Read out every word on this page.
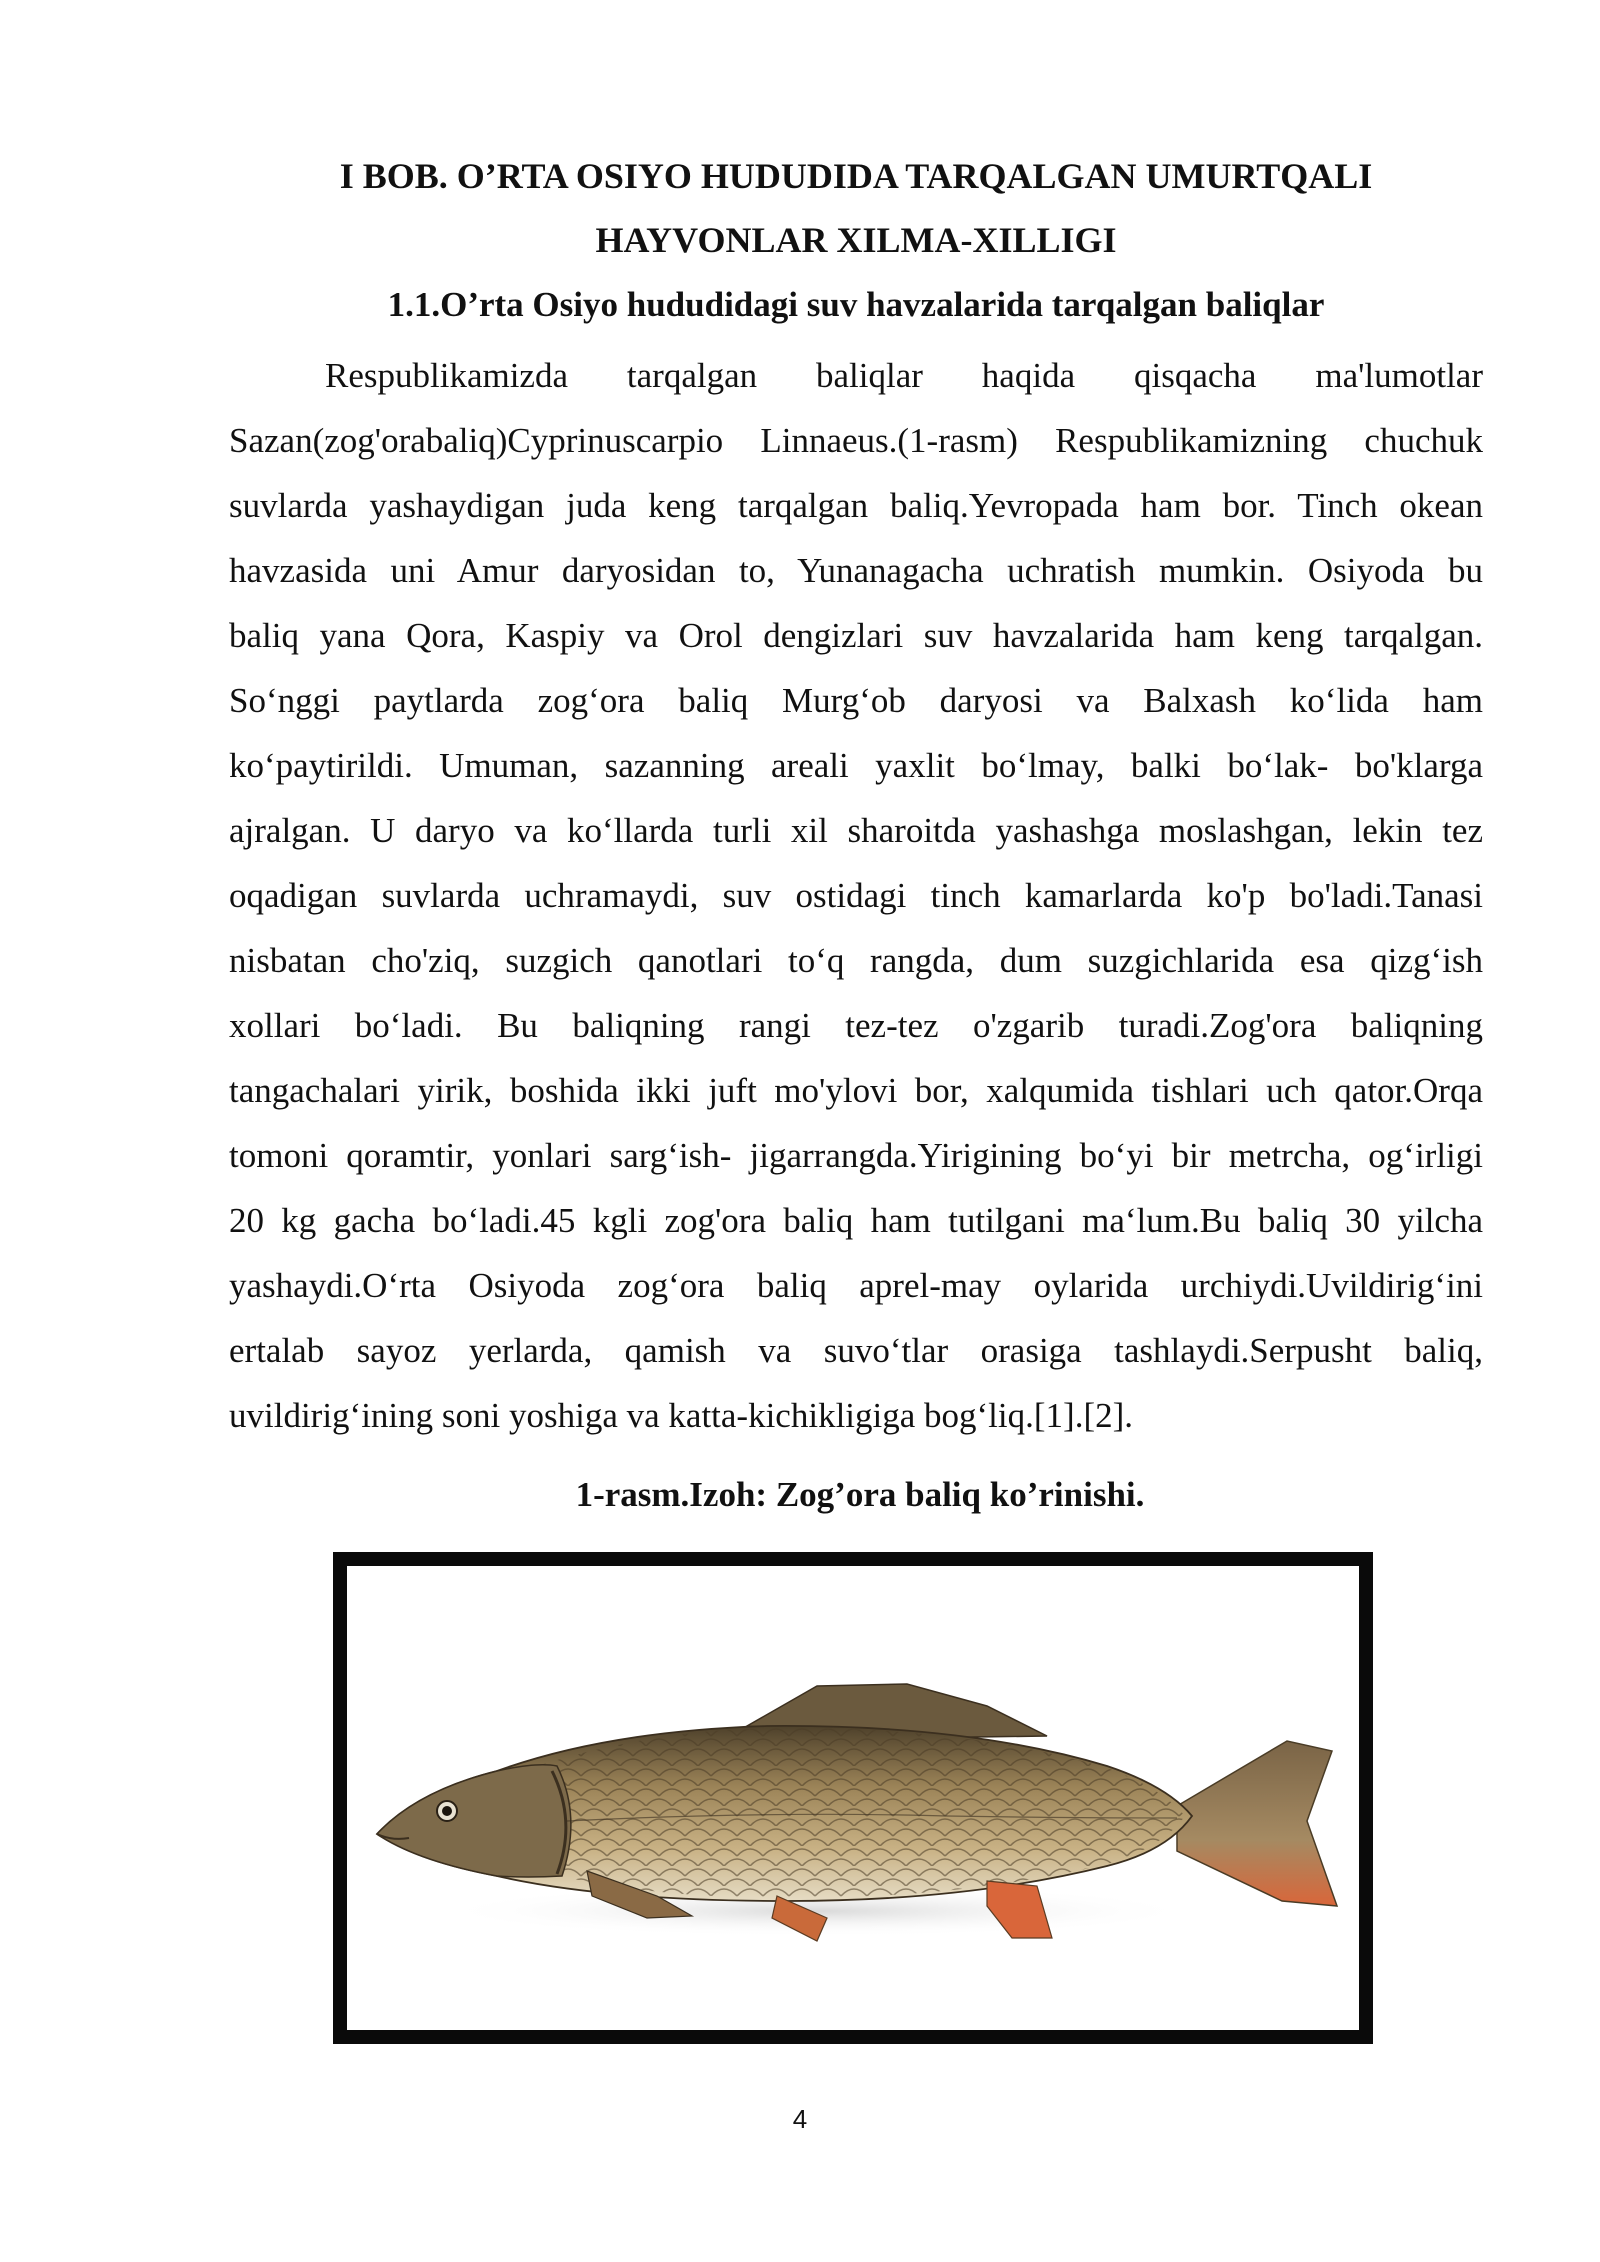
I BOB. O’RTA OSIYO HUDUDIDA TARQALGAN UMURTQALI
HAYVONLAR XILMA-XILLIGI
1.1.O’rta Osiyo hududidagi suv havzalarida tarqalgan baliqlar
Respublikamizda tarqalgan baliqlar haqida qisqacha ma'lumotlar
Sazan(zog'orabaliq)Cyprinuscarpio Linnaeus.(1-rasm) Respublikamizning chuchuk
suvlarda yashaydigan juda keng tarqalgan baliq.Yevropada ham bor. Tinch okean
havzasida uni Amur daryosidan to, Yunanagacha uchratish mumkin. Osiyoda bu
baliq yana Qora, Kaspiy va Orol dengizlari suv havzalarida ham keng tarqalgan.
So‘nggi paytlarda zog‘ora baliq Murg‘ob daryosi va Balxash ko‘lida ham
ko‘paytirildi. Umuman, sazanning areali yaxlit bo‘lmay, balki bo‘lak- bo'klarga
ajralgan. U daryo va ko‘llarda turli xil sharoitda yashashga moslashgan, lekin tez
oqadigan suvlarda uchramaydi, suv ostidagi tinch kamarlarda ko'p bo'ladi.Tanasi
nisbatan cho'ziq, suzgich qanotlari to‘q rangda, dum suzgichlarida esa qizg‘ish
xollari bo‘ladi. Bu baliqning rangi tez-tez o'zgarib turadi.Zog'ora baliqning
tangachalari yirik, boshida ikki juft mo'ylovi bor, xalqumida tishlari uch qator.Orqa
tomoni qoramtir, yonlari sarg‘ish- jigarrangda.Yirigining bo‘yi bir metrcha, og‘irligi
20 kg gacha bo‘ladi.45 kgli zog'ora baliq ham tutilgani ma‘lum.Bu baliq 30 yilcha
yashaydi.O‘rta Osiyoda zog‘ora baliq aprel-may oylarida urchiydi.Uvildirig‘ini
ertalab sayoz yerlarda, qamish va suvo‘tlar orasiga tashlaydi.Serpusht baliq,
uvildirig‘ining soni yoshiga va katta-kichikligiga bog‘liq.[1].[2].
1-rasm.Izoh: Zog’ora baliq ko’rinishi.
4
